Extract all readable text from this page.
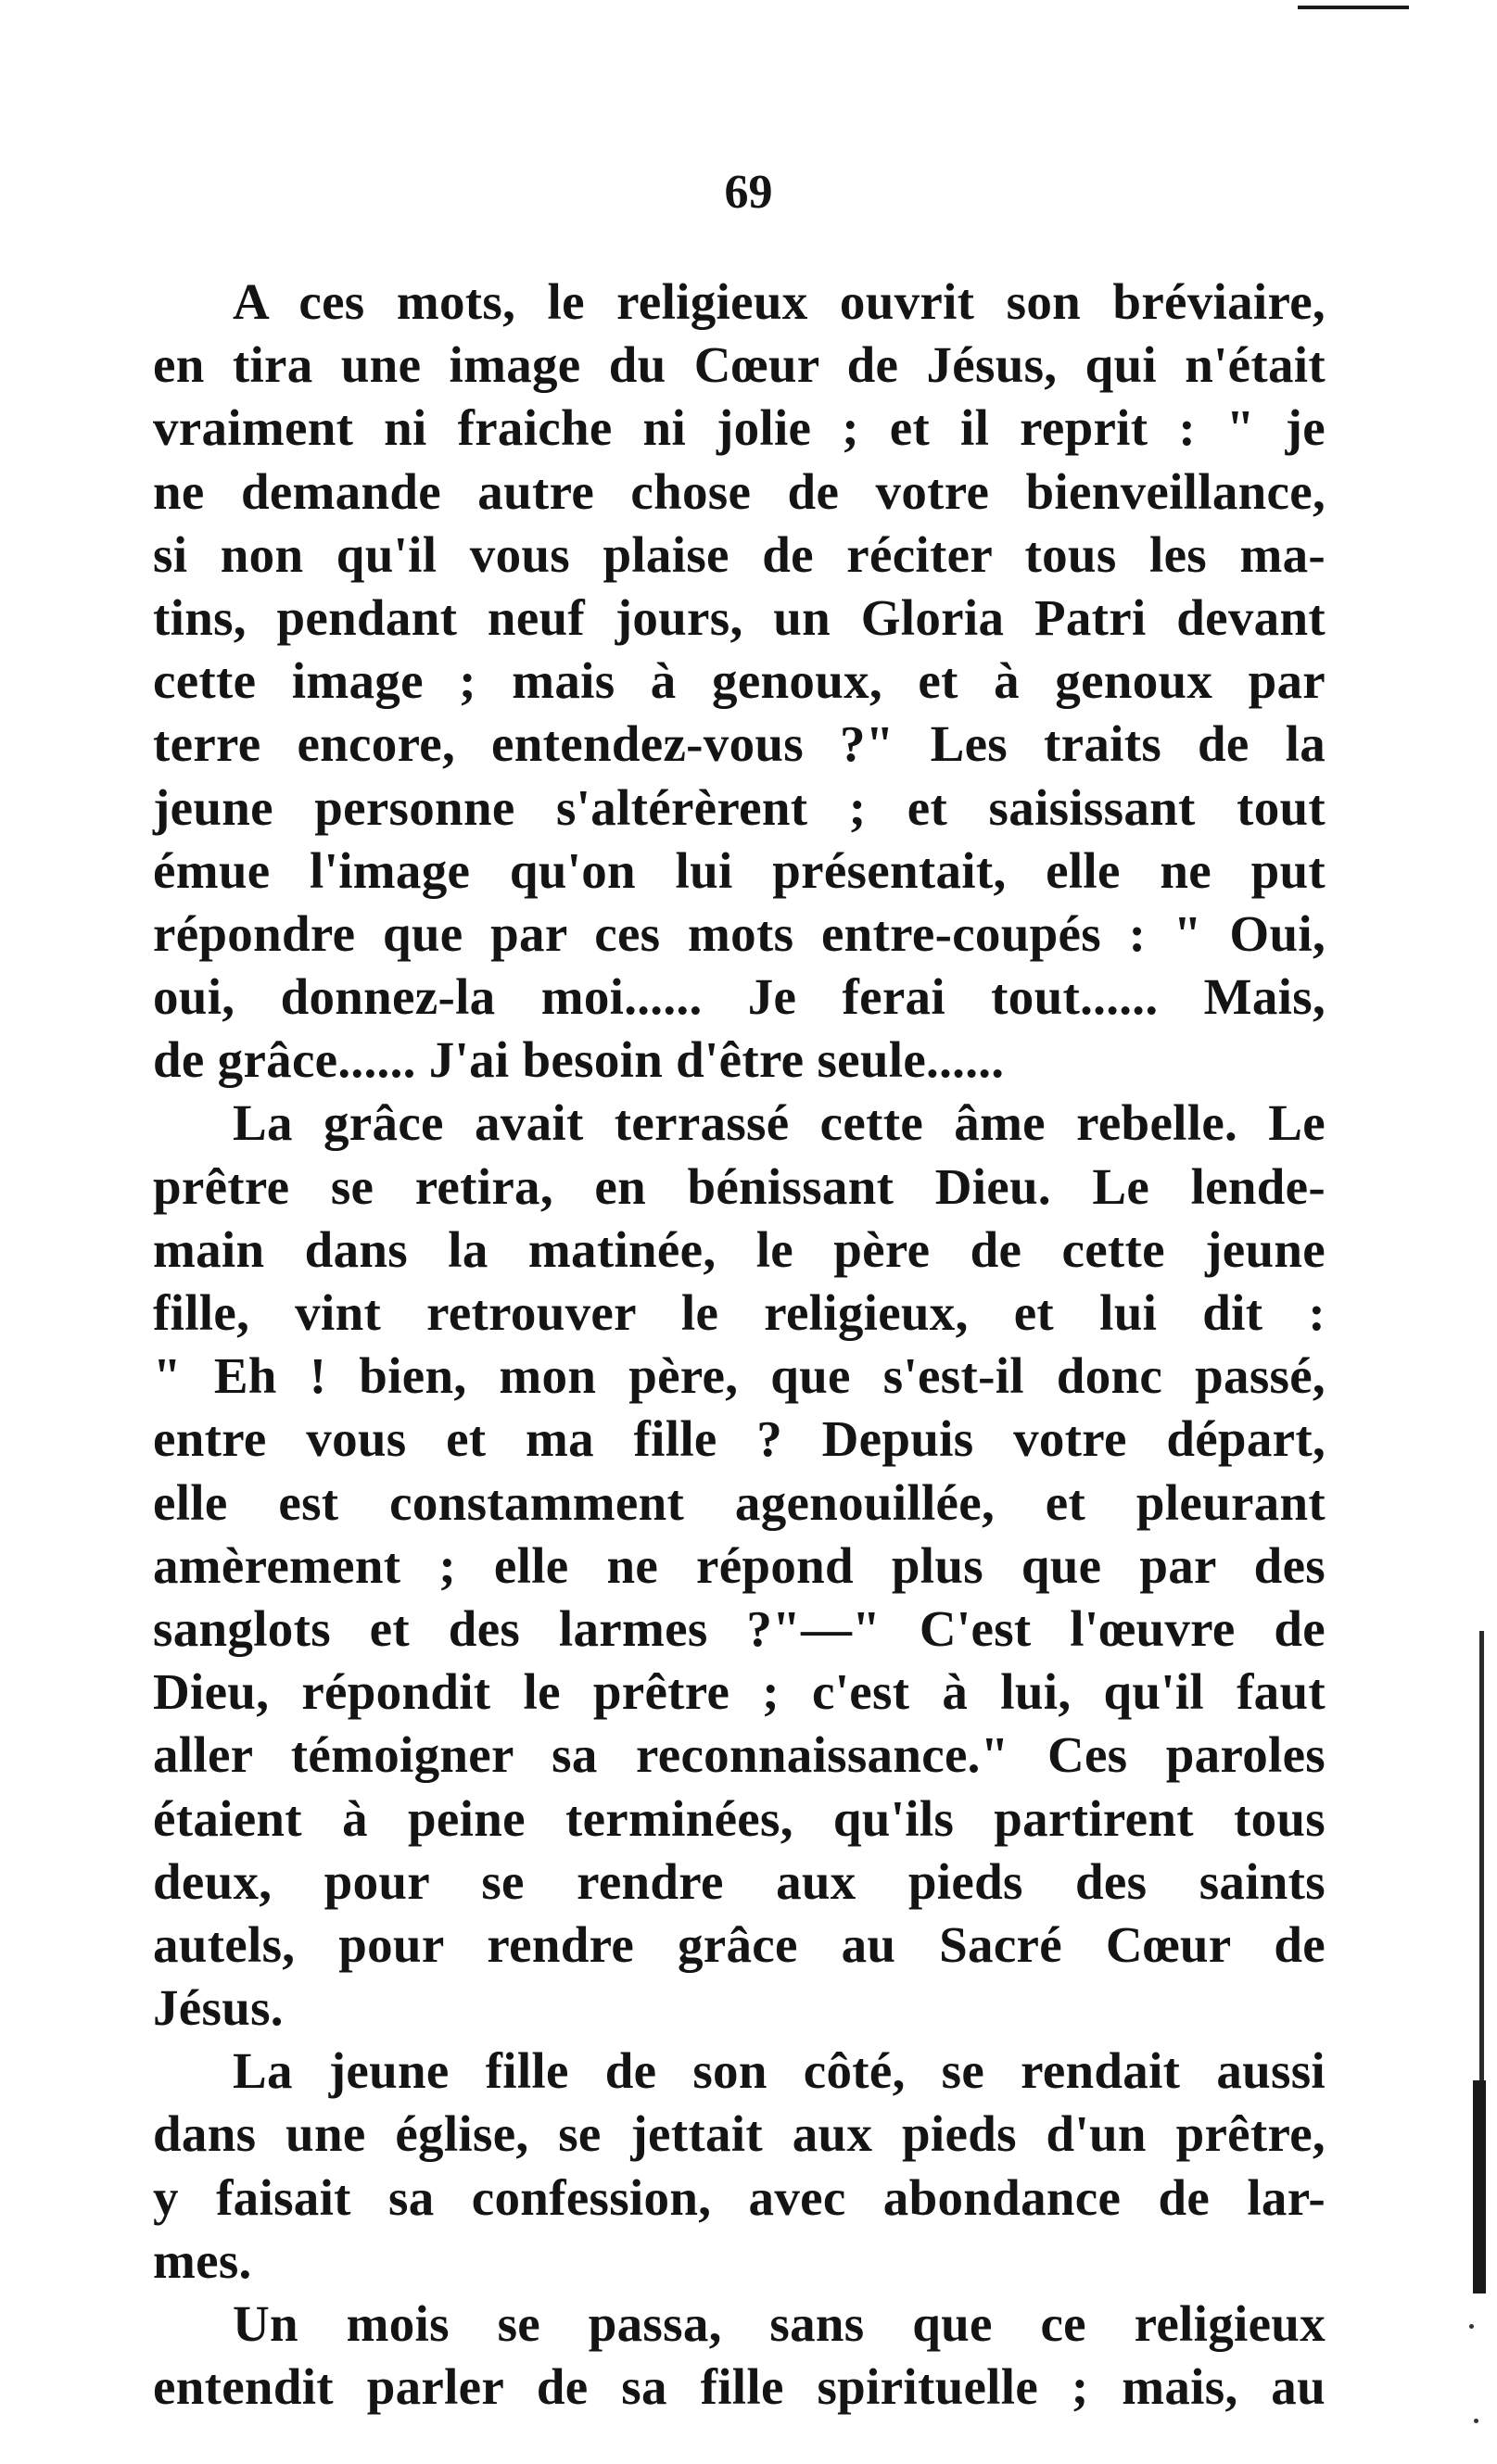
69
A ces mots, le religieux ouvrit son bréviaire,
en tira une image du Cœur de Jésus, qui n'était
vraiment ni fraiche ni jolie ; et il reprit : " je
ne demande autre chose de votre bienveillance,
si non qu'il vous plaise de réciter tous les ma-
tins, pendant neuf jours, un Gloria Patri devant
cette image ; mais à genoux, et à genoux par
terre encore, entendez-vous ?" Les traits de la
jeune personne s'altérèrent ; et saisissant tout
émue l'image qu'on lui présentait, elle ne put
répondre que par ces mots entre-coupés : " Oui,
oui, donnez-la moi...... Je ferai tout...... Mais,
de grâce...... J'ai besoin d'être seule......
La grâce avait terrassé cette âme rebelle. Le
prêtre se retira, en bénissant Dieu. Le lende-
main dans la matinée, le père de cette jeune
fille, vint retrouver le religieux, et lui dit :
" Eh ! bien, mon père, que s'est-il donc passé,
entre vous et ma fille ? Depuis votre départ,
elle est constamment agenouillée, et pleurant
amèrement ; elle ne répond plus que par des
sanglots et des larmes ?"—" C'est l'œuvre de
Dieu, répondit le prêtre ; c'est à lui, qu'il faut
aller témoigner sa reconnaissance." Ces paroles
étaient à peine terminées, qu'ils partirent tous
deux, pour se rendre aux pieds des saints
autels, pour rendre grâce au Sacré Cœur de
Jésus.
La jeune fille de son côté, se rendait aussi
dans une église, se jettait aux pieds d'un prêtre,
y faisait sa confession, avec abondance de lar-
mes.
Un mois se passa, sans que ce religieux
entendit parler de sa fille spirituelle ; mais, au
